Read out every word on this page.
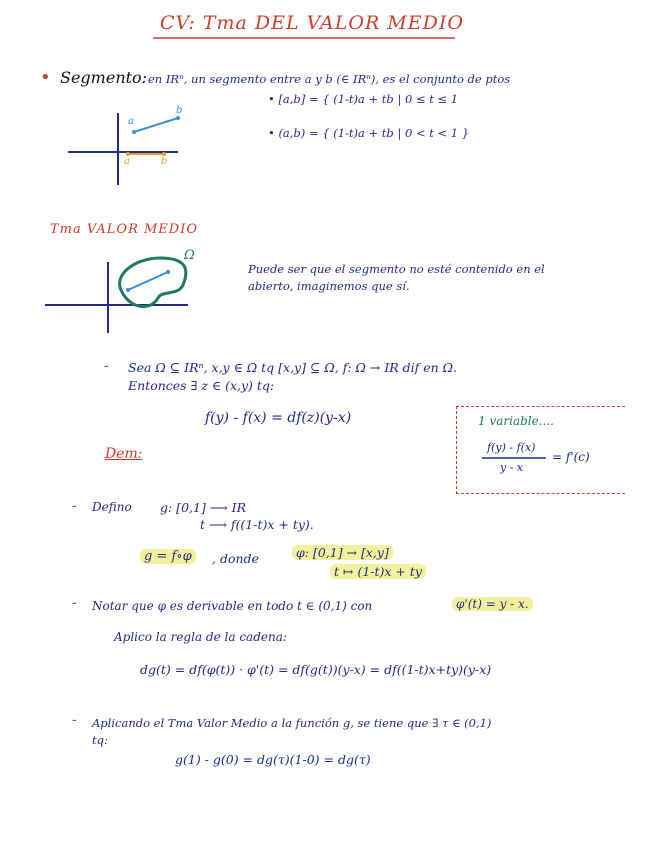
CV: Tma DEL VALOR MEDIO
• Segmento: en IRⁿ, un segmento entre a y b (∈ IRⁿ), es el conjunto de ptos
• [a,b] = { (1-t)a + tb | 0 ≤ t ≤ 1
• (a,b) = { (1-t)a + tb | 0 < t < 1 }
a
b
a	b
Tma VALOR MEDIO
Ω
Puede ser que el segmento no esté contenido en el
abierto, imaginemos que sí.
- Sea Ω ⊆ IRⁿ, x,y ∈ Ω tq [x,y] ⊆ Ω, f: Ω → IR dif en Ω.
Entonces ∃ z ∈ (x,y) tq:
f(y) - f(x) = df(z)(y-x)	1 variable....
f(y) - f(x)
y - x
= f'(c)
Dem:
- Defino g: [0,1] ⟶ IR
t ⟶ f((1-t)x + ty).
g = f∘φ	, donde	φ: [0,1] → [x,y]
t ↦ (1-t)x + ty
- Notar que φ es derivable en todo t ∈ (0,1) con	φ'(t) = y - x.
Aplico la regla de la cadena:
dg(t) = df(φ(t)) · φ'(t) = df(g(t))(y-x) = df((1-t)x+ty)(y-x)
- Aplicando el Tma Valor Medio a la función g, se tiene que ∃ τ ∈ (0,1)
tq:
g(1) - g(0) = dg(τ)(1-0) = dg(τ)
